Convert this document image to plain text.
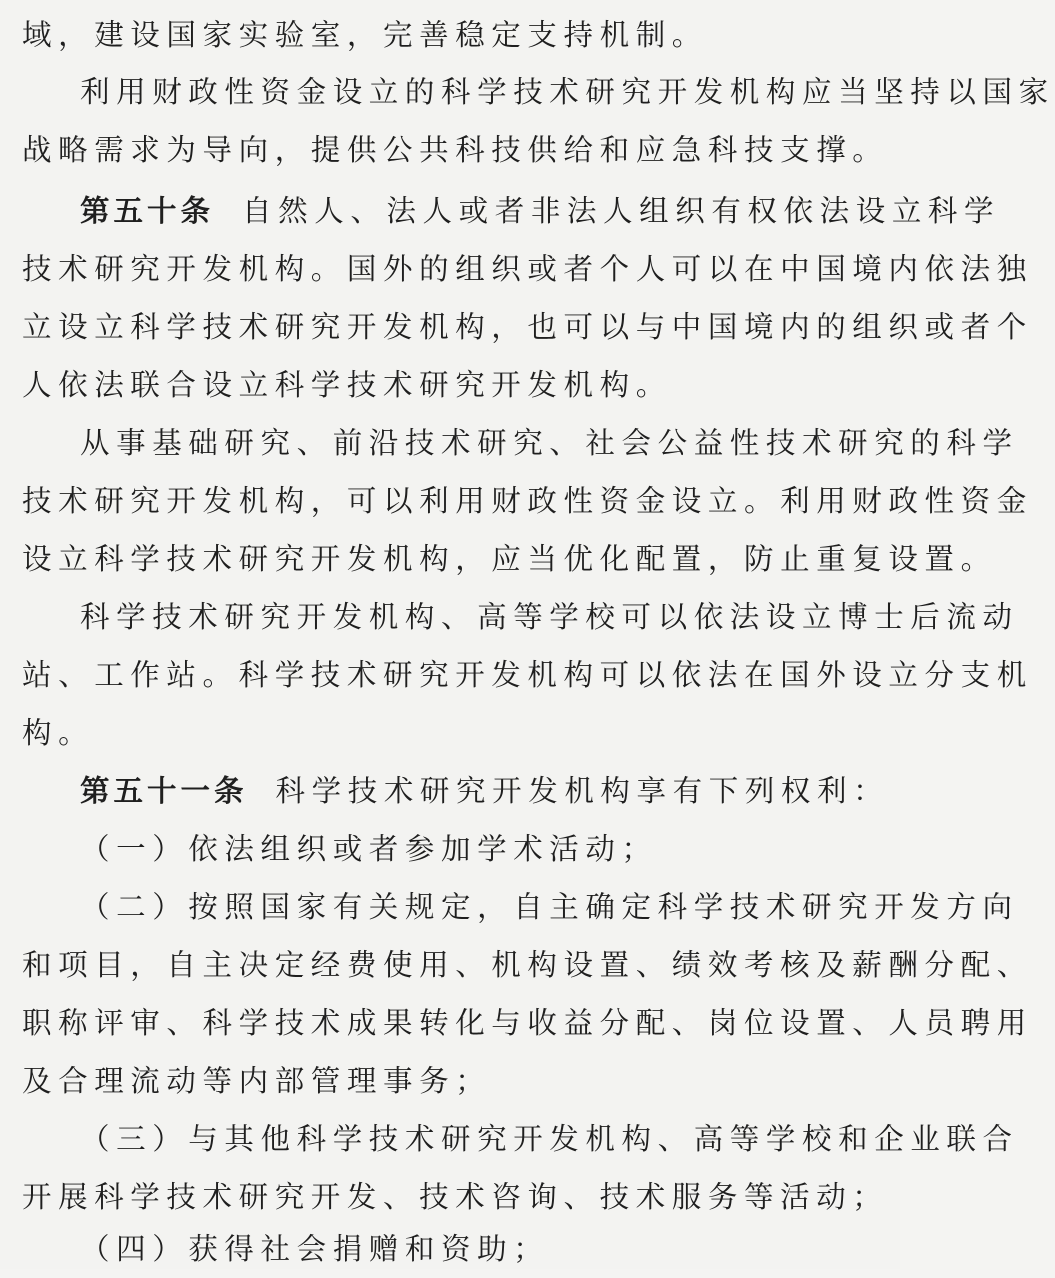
域，建设国家实验室，完善稳定支持机制。
利用财政性资金设立的科学技术研究开发机构应当坚持以国家
战略需求为导向，提供公共科技供给和应急科技支撑。
第五十条 自然人、法人或者非法人组织有权依法设立科学
技术研究开发机构。国外的组织或者个人可以在中国境内依法独
立设立科学技术研究开发机构，也可以与中国境内的组织或者个
人依法联合设立科学技术研究开发机构。
从事基础研究、前沿技术研究、社会公益性技术研究的科学
技术研究开发机构，可以利用财政性资金设立。利用财政性资金
设立科学技术研究开发机构，应当优化配置，防止重复设置。
科学技术研究开发机构、高等学校可以依法设立博士后流动
站、工作站。科学技术研究开发机构可以依法在国外设立分支机
构。
第五十一条 科学技术研究开发机构享有下列权利：
（一）依法组织或者参加学术活动；
（二）按照国家有关规定，自主确定科学技术研究开发方向
和项目，自主决定经费使用、机构设置、绩效考核及薪酬分配、
职称评审、科学技术成果转化与收益分配、岗位设置、人员聘用
及合理流动等内部管理事务；
（三）与其他科学技术研究开发机构、高等学校和企业联合
开展科学技术研究开发、技术咨询、技术服务等活动；
（四）获得社会捐赠和资助；
